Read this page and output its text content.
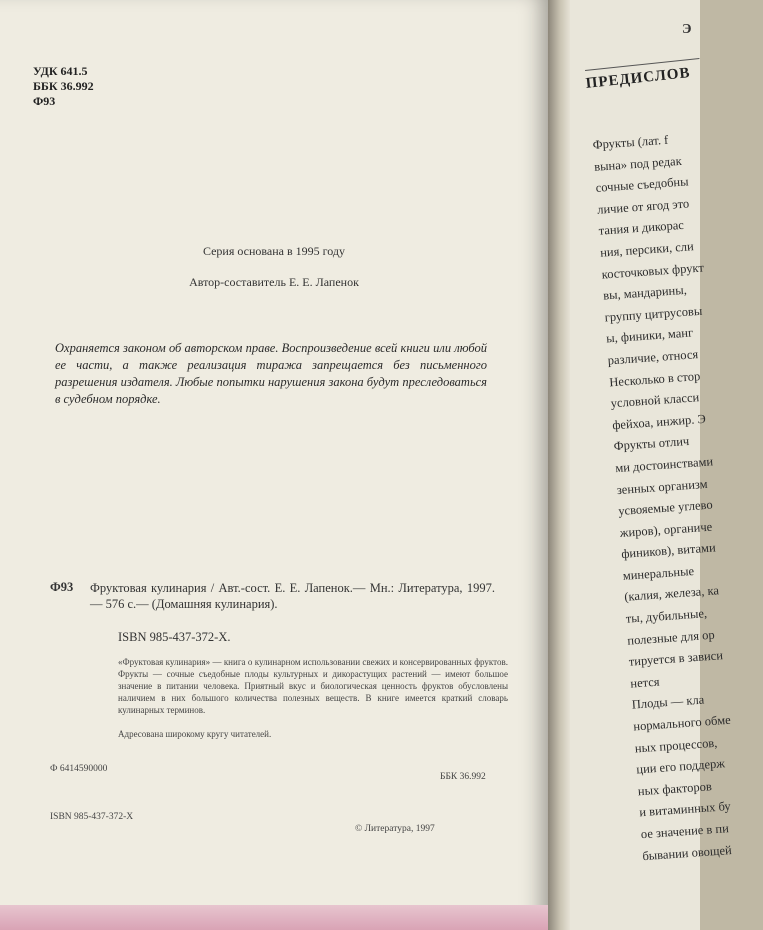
УДК 641.5
ББК 36.992
Ф93
Серия основана в 1995 году
Автор-составитель Е. Е. Лапенок
Охраняется законом об авторском праве. Воспроизведение всей книги или любой ее части, а также реализация тиража запрещается без письменного разрешения издателя. Любые попытки нарушения закона будут преследоваться в судебном порядке.
Ф93 Фруктовая кулинария / Авт.-сост. Е. Е. Лапенок.— Мн.: Литература, 1997.— 576 с.— (Домашняя кулинария).
ISBN 985-437-372-X.
«Фруктовая кулинария» — книга о кулинарном использовании свежих и консервированных фруктов. Фрукты — сочные съедобные плоды культурных и дикорастущих растений — имеют большое значение в питании человека. Приятный вкус и биологическая ценность фруктов обусловлены наличием в них большого количества полезных веществ. В книге имеется краткий словарь кулинарных терминов.
Адресована широкому кругу читателей.
Ф 6414590000
ББК 36.992
ISBN 985-437-372-X
© Литература, 1997
Э
ПРЕДИСЛОВ
Фрукты (лат. f
вына» под редак
сочные съедобны
личие от ягод это
тания и дикорас
ния, персики, сли
косточковых фрукт
вы, мандарины,
группу цитрусовы
ы, финики, манг
различие, относя
Несколько в стор
условной класси
фейхоа, инжир. Э
Фрукты отлич
ми достоинствами
зенных организм
усвояемые углево
жиров), органиче
фиников), витами
минеральные
(калия, железа, ка
ты, дубильные,
полезные для ор
тируется в зависи
нется
Плоды — кла
нормального обме
ных процессов,
ции его поддерж
ных факторов
и витаминных бу
ое значение в пи
бывании овощей
